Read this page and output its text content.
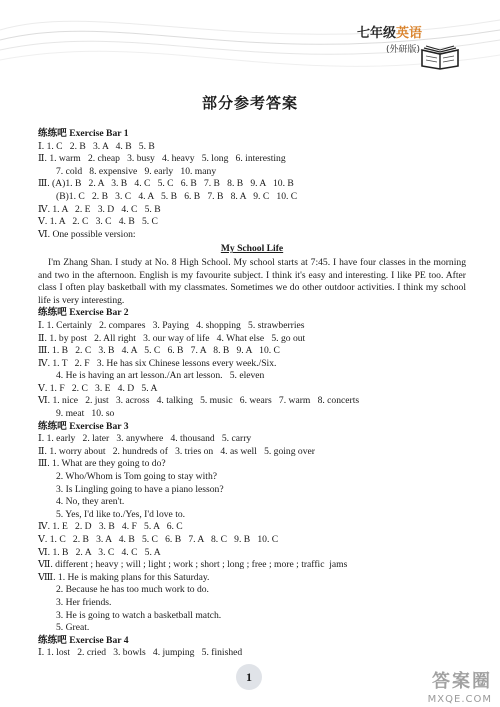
七年级英语
(外研版)
部分参考答案
练练吧 Exercise Bar 1
Ⅰ. 1. C   2. B   3. A   4. B   5. B
Ⅱ. 1. warm   2. cheap   3. busy   4. heavy   5. long   6. interesting
7. cold   8. expensive   9. early   10. many
Ⅲ. (A)1. B   2. A   3. B   4. C   5. C   6. B   7. B   8. B   9. A   10. B
(B)1. C   2. B   3. C   4. A   5. B   6. B   7. B   8. A   9. C   10. C
Ⅳ. 1. A   2. E   3. D   4. C   5. B
Ⅴ. 1. A   2. C   3. C   4. B   5. C
Ⅵ. One possible version:
My School Life
I'm Zhang Shan. I study at No. 8 High School. My school starts at 7:45. I have four classes in the morning and two in the afternoon. English is my favourite subject. I think it's easy and interesting. I like PE too. After class I often play basketball with my classmates. Sometimes we do other outdoor activities. I think my school life is very interesting.
练练吧 Exercise Bar 2
Ⅰ. 1. Certainly   2. compares   3. Paying   4. shopping   5. strawberries
Ⅱ. 1. by post   2. All right   3. our way of life   4. What else   5. go out
Ⅲ. 1. B   2. C   3. B   4. A   5. C   6. B   7. A   8. B   9. A   10. C
Ⅳ. 1. T   2. F   3. He has six Chinese lessons every week./Six.
4. He is having an art lesson./An art lesson.   5. eleven
Ⅴ. 1. F   2. C   3. E   4. D   5. A
Ⅵ. 1. nice   2. just   3. across   4. talking   5. music   6. wears   7. warm   8. concerts
9. meat   10. so
练练吧 Exercise Bar 3
Ⅰ. 1. early   2. later   3. anywhere   4. thousand   5. carry
Ⅱ. 1. worry about   2. hundreds of   3. tries on   4. as well   5. going over
Ⅲ. 1. What are they going to do?
2. Who/Whom is Tom going to stay with?
3. Is Lingling going to have a piano lesson?
4. No, they aren't.
5. Yes, I'd like to./Yes, I'd love to.
Ⅳ. 1. E   2. D   3. B   4. F   5. A   6. C
Ⅴ. 1. C   2. B   3. A   4. B   5. C   6. B   7. A   8. C   9. B   10. C
Ⅵ. 1. B   2. A   3. C   4. C   5. A
Ⅶ. different ; heavy ; will ; light ; work ; short ; long ; free ; more ; traffic  jams
Ⅷ. 1. He is making plans for this Saturday.
2. Because he has too much work to do.
3. Her friends.
3. He is going to watch a basketball match.
5. Great.
练练吧 Exercise Bar 4
Ⅰ. 1. lost   2. cried   3. bowls   4. jumping   5. finished
1	答案圈
MXQE.COM
